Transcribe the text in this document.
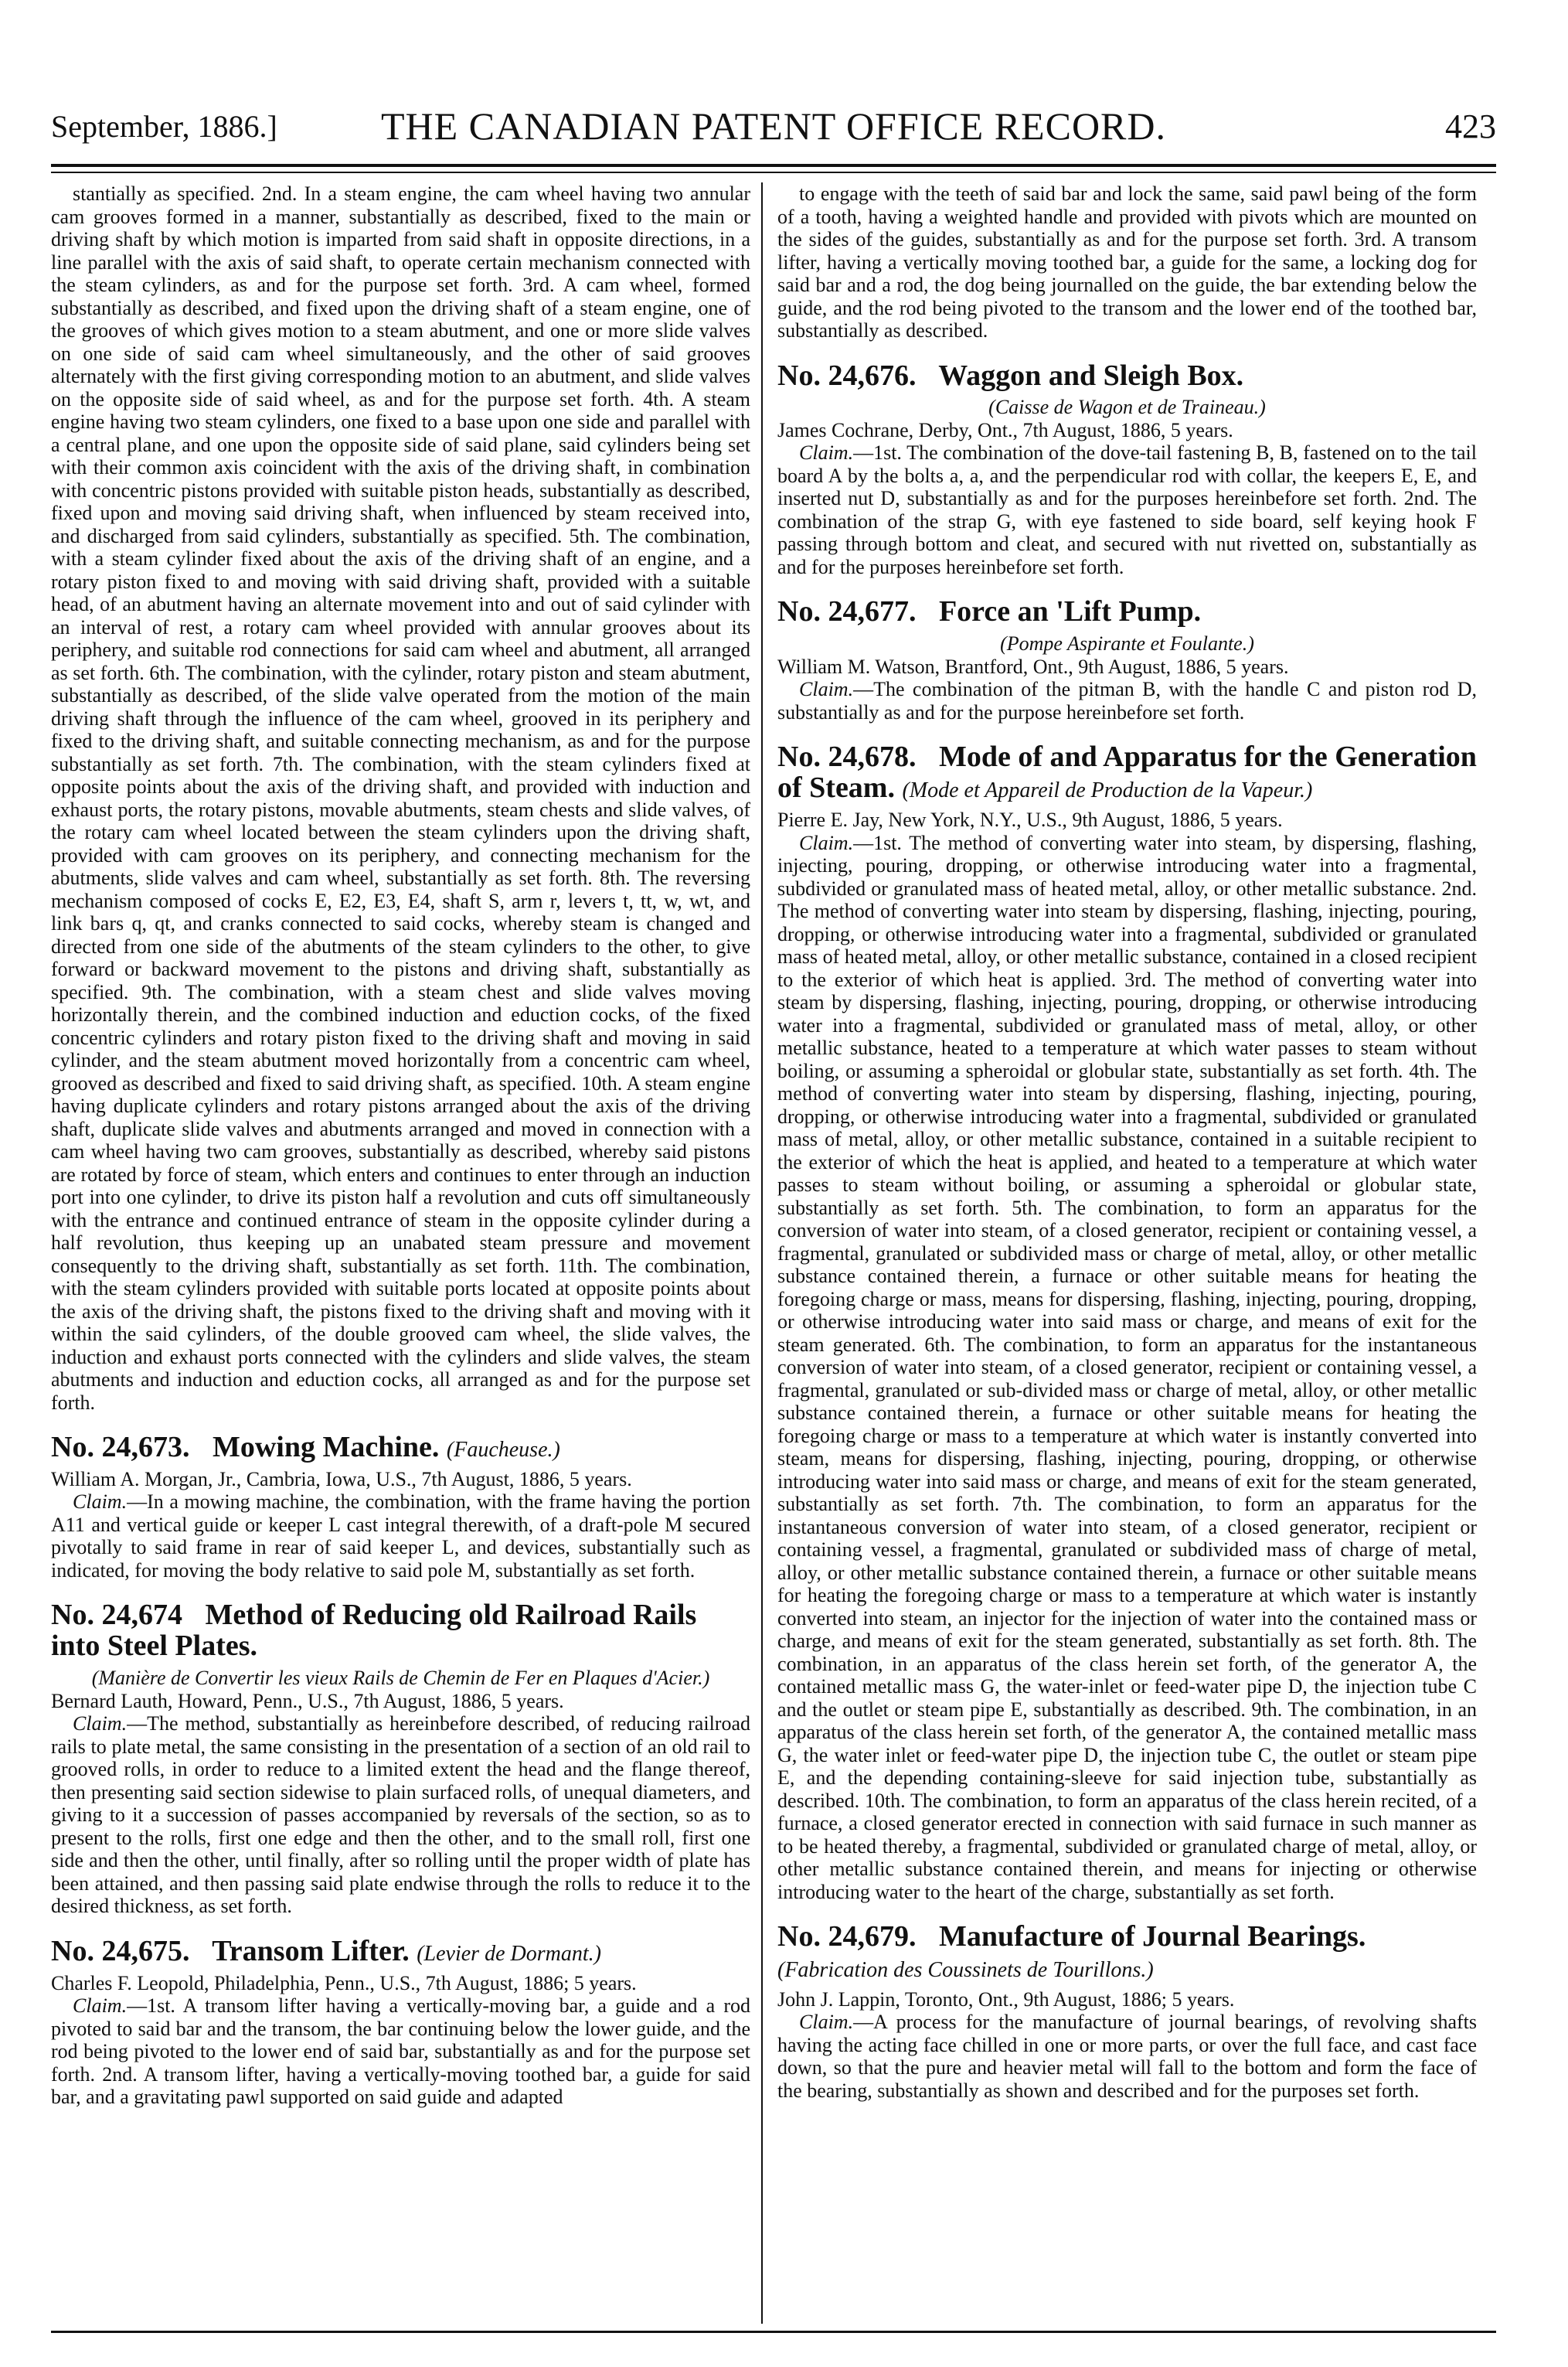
September, 1886.]	THE CANADIAN PATENT OFFICE RECORD.	423

stantially as specified. 2nd. In a steam engine, the cam wheel having two annular cam grooves formed in a manner, substantially as described, fixed to the main or driving shaft by which motion is imparted from said shaft in opposite directions, in a line parallel with the axis of said shaft, to operate certain mechanism connected with the steam cylinders, as and for the purpose set forth. 3rd. A cam wheel, formed substantially as described, and fixed upon the driving shaft of a steam engine, one of the grooves of which gives motion to a steam abutment, and one or more slide valves on one side of said cam wheel simultaneously, and the other of said grooves alternately with the first giving corresponding motion to an abutment, and slide valves on the opposite side of said wheel, as and for the purpose set forth. 4th. A steam engine having two steam cylinders, one fixed to a base upon one side and parallel with a central plane, and one upon the opposite side of said plane, said cylinders being set with their common axis coincident with the axis of the driving shaft, in combination with concentric pistons provided with suitable piston heads, substantially as described, fixed upon and moving said driving shaft, when influenced by steam received into, and discharged from said cylinders, substantially as specified. 5th. The combination, with a steam cylinder fixed about the axis of the driving shaft of an engine, and a rotary piston fixed to and moving with said driving shaft, provided with a suitable head, of an abutment having an alternate movement into and out of said cylinder with an interval of rest, a rotary cam wheel provided with annular grooves about its periphery, and suitable rod connections for said cam wheel and abutment, all arranged as set forth. 6th. The combination, with the cylinder, rotary piston and steam abutment, substantially as described, of the slide valve operated from the motion of the main driving shaft through the influence of the cam wheel, grooved in its periphery and fixed to the driving shaft, and suitable connecting mechanism, as and for the purpose substantially as set forth. 7th. The combination, with the steam cylinders fixed at opposite points about the axis of the driving shaft, and provided with induction and exhaust ports, the rotary pistons, movable abutments, steam chests and slide valves, of the rotary cam wheel located between the steam cylinders upon the driving shaft, provided with cam grooves on its periphery, and connecting mechanism for the abutments, slide valves and cam wheel, substantially as set forth. 8th. The reversing mechanism composed of cocks E, E2, E3, E4, shaft S, arm r, levers t, tt, w, wt, and link bars q, qt, and cranks connected to said cocks, whereby steam is changed and directed from one side of the abutments of the steam cylinders to the other, to give forward or backward movement to the pistons and driving shaft, substantially as specified. 9th. The combination, with a steam chest and slide valves moving horizontally therein, and the combined induction and eduction cocks, of the fixed concentric cylinders and rotary piston fixed to the driving shaft and moving in said cylinder, and the steam abutment moved horizontally from a concentric cam wheel, grooved as described and fixed to said driving shaft, as specified. 10th. A steam engine having duplicate cylinders and rotary pistons arranged about the axis of the driving shaft, duplicate slide valves and abutments arranged and moved in connection with a cam wheel having two cam grooves, substantially as described, whereby said pistons are rotated by force of steam, which enters and continues to enter through an induction port into one cylinder, to drive its piston half a revolution and cuts off simultaneously with the entrance and continued entrance of steam in the opposite cylinder during a half revolution, thus keeping up an unabated steam pressure and movement consequently to the driving shaft, substantially as set forth. 11th. The combination, with the steam cylinders provided with suitable ports located at opposite points about the axis of the driving shaft, the pistons fixed to the driving shaft and moving with it within the said cylinders, of the double grooved cam wheel, the slide valves, the induction and exhaust ports connected with the cylinders and slide valves, the steam abutments and induction and eduction cocks, all arranged as and for the purpose set forth.

No. 24,673. Mowing Machine. (Faucheuse.)

William A. Morgan, Jr., Cambria, Iowa, U.S., 7th August, 1886, 5 years.

Claim.—In a mowing machine, the combination, with the frame having the portion A11 and vertical guide or keeper L cast integral therewith, of a draft-pole M secured pivotally to said frame in rear of said keeper L, and devices, substantially such as indicated, for moving the body relative to said pole M, substantially as set forth.

No. 24,674 Method of Reducing old Railroad Rails into Steel Plates.

(Manière de Convertir les vieux Rails de Chemin de Fer en Plaques d'Acier.)

Bernard Lauth, Howard, Penn., U.S., 7th August, 1886, 5 years.

Claim.—The method, substantially as hereinbefore described, of reducing railroad rails to plate metal, the same consisting in the presentation of a section of an old rail to grooved rolls, in order to reduce to a limited extent the head and the flange thereof, then presenting said section sidewise to plain surfaced rolls, of unequal diameters, and giving to it a succession of passes accompanied by reversals of the section, so as to present to the rolls, first one edge and then the other, and to the small roll, first one side and then the other, until finally, after so rolling until the proper width of plate has been attained, and then passing said plate endwise through the rolls to reduce it to the desired thickness, as set forth.

No. 24,675. Transom Lifter. (Levier de Dormant.)

Charles F. Leopold, Philadelphia, Penn., U.S., 7th August, 1886; 5 years.

Claim.—1st. A transom lifter having a vertically-moving bar, a guide and a rod pivoted to said bar and the transom, the bar continuing below the lower guide, and the rod being pivoted to the lower end of said bar, substantially as and for the purpose set forth. 2nd. A transom lifter, having a vertically-moving toothed bar, a guide for said bar, and a gravitating pawl supported on said guide and adapted

to engage with the teeth of said bar and lock the same, said pawl being of the form of a tooth, having a weighted handle and provided with pivots which are mounted on the sides of the guides, substantially as and for the purpose set forth. 3rd. A transom lifter, having a vertically moving toothed bar, a guide for the same, a locking dog for said bar and a rod, the dog being journalled on the guide, the bar extending below the guide, and the rod being pivoted to the transom and the lower end of the toothed bar, substantially as described.

No. 24,676. Waggon and Sleigh Box.

(Caisse de Wagon et de Traineau.)

James Cochrane, Derby, Ont., 7th August, 1886, 5 years.

Claim.—1st. The combination of the dove-tail fastening B, B, fastened on to the tail board A by the bolts a, a, and the perpendicular rod with collar, the keepers E, E, and inserted nut D, substantially as and for the purposes hereinbefore set forth. 2nd. The combination of the strap G, with eye fastened to side board, self keying hook F passing through bottom and cleat, and secured with nut rivetted on, substantially as and for the purposes hereinbefore set forth.

No. 24,677. Force an 'Lift Pump.

(Pompe Aspirante et Foulante.)

William M. Watson, Brantford, Ont., 9th August, 1886, 5 years.

Claim.—The combination of the pitman B, with the handle C and piston rod D, substantially as and for the purpose hereinbefore set forth.

No. 24,678. Mode of and Apparatus for the Generation of Steam. (Mode et Appareil de Production de la Vapeur.)

Pierre E. Jay, New York, N.Y., U.S., 9th August, 1886, 5 years.

Claim.—1st. The method of converting water into steam, by dispersing, flashing, injecting, pouring, dropping, or otherwise introducing water into a fragmental, subdivided or granulated mass of heated metal, alloy, or other metallic substance. 2nd. The method of converting water into steam by dispersing, flashing, injecting, pouring, dropping, or otherwise introducing water into a fragmental, subdivided or granulated mass of heated metal, alloy, or other metallic substance, contained in a closed recipient to the exterior of which heat is applied. 3rd. The method of converting water into steam by dispersing, flashing, injecting, pouring, dropping, or otherwise introducing water into a fragmental, subdivided or granulated mass of metal, alloy, or other metallic substance, heated to a temperature at which water passes to steam without boiling, or assuming a spheroidal or globular state, substantially as set forth. 4th. The method of converting water into steam by dispersing, flashing, injecting, pouring, dropping, or otherwise introducing water into a fragmental, subdivided or granulated mass of metal, alloy, or other metallic substance, contained in a suitable recipient to the exterior of which the heat is applied, and heated to a temperature at which water passes to steam without boiling, or assuming a spheroidal or globular state, substantially as set forth. 5th. The combination, to form an apparatus for the conversion of water into steam, of a closed generator, recipient or containing vessel, a fragmental, granulated or subdivided mass or charge of metal, alloy, or other metallic substance contained therein, a furnace or other suitable means for heating the foregoing charge or mass, means for dispersing, flashing, injecting, pouring, dropping, or otherwise introducing water into said mass or charge, and means of exit for the steam generated. 6th. The combination, to form an apparatus for the instantaneous conversion of water into steam, of a closed generator, recipient or containing vessel, a fragmental, granulated or sub-divided mass or charge of metal, alloy, or other metallic substance contained therein, a furnace or other suitable means for heating the foregoing charge or mass to a temperature at which water is instantly converted into steam, means for dispersing, flashing, injecting, pouring, dropping, or otherwise introducing water into said mass or charge, and means of exit for the steam generated, substantially as set forth. 7th. The combination, to form an apparatus for the instantaneous conversion of water into steam, of a closed generator, recipient or containing vessel, a fragmental, granulated or subdivided mass of charge of metal, alloy, or other metallic substance contained therein, a furnace or other suitable means for heating the foregoing charge or mass to a temperature at which water is instantly converted into steam, an injector for the injection of water into the contained mass or charge, and means of exit for the steam generated, substantially as set forth. 8th. The combination, in an apparatus of the class herein set forth, of the generator A, the contained metallic mass G, the water-inlet or feed-water pipe D, the injection tube C and the outlet or steam pipe E, substantially as described. 9th. The combination, in an apparatus of the class herein set forth, of the generator A, the contained metallic mass G, the water inlet or feed-water pipe D, the injection tube C, the outlet or steam pipe E, and the depending containing-sleeve for said injection tube, substantially as described. 10th. The combination, to form an apparatus of the class herein recited, of a furnace, a closed generator erected in connection with said furnace in such manner as to be heated thereby, a fragmental, subdivided or granulated charge of metal, alloy, or other metallic substance contained therein, and means for injecting or otherwise introducing water to the heart of the charge, substantially as set forth.

No. 24,679. Manufacture of Journal Bearings. (Fabrication des Coussinets de Tourillons.)

John J. Lappin, Toronto, Ont., 9th August, 1886; 5 years.

Claim.—A process for the manufacture of journal bearings, of revolving shafts having the acting face chilled in one or more parts, or over the full face, and cast face down, so that the pure and heavier metal will fall to the bottom and form the face of the bearing, substantially as shown and described and for the purposes set forth.
